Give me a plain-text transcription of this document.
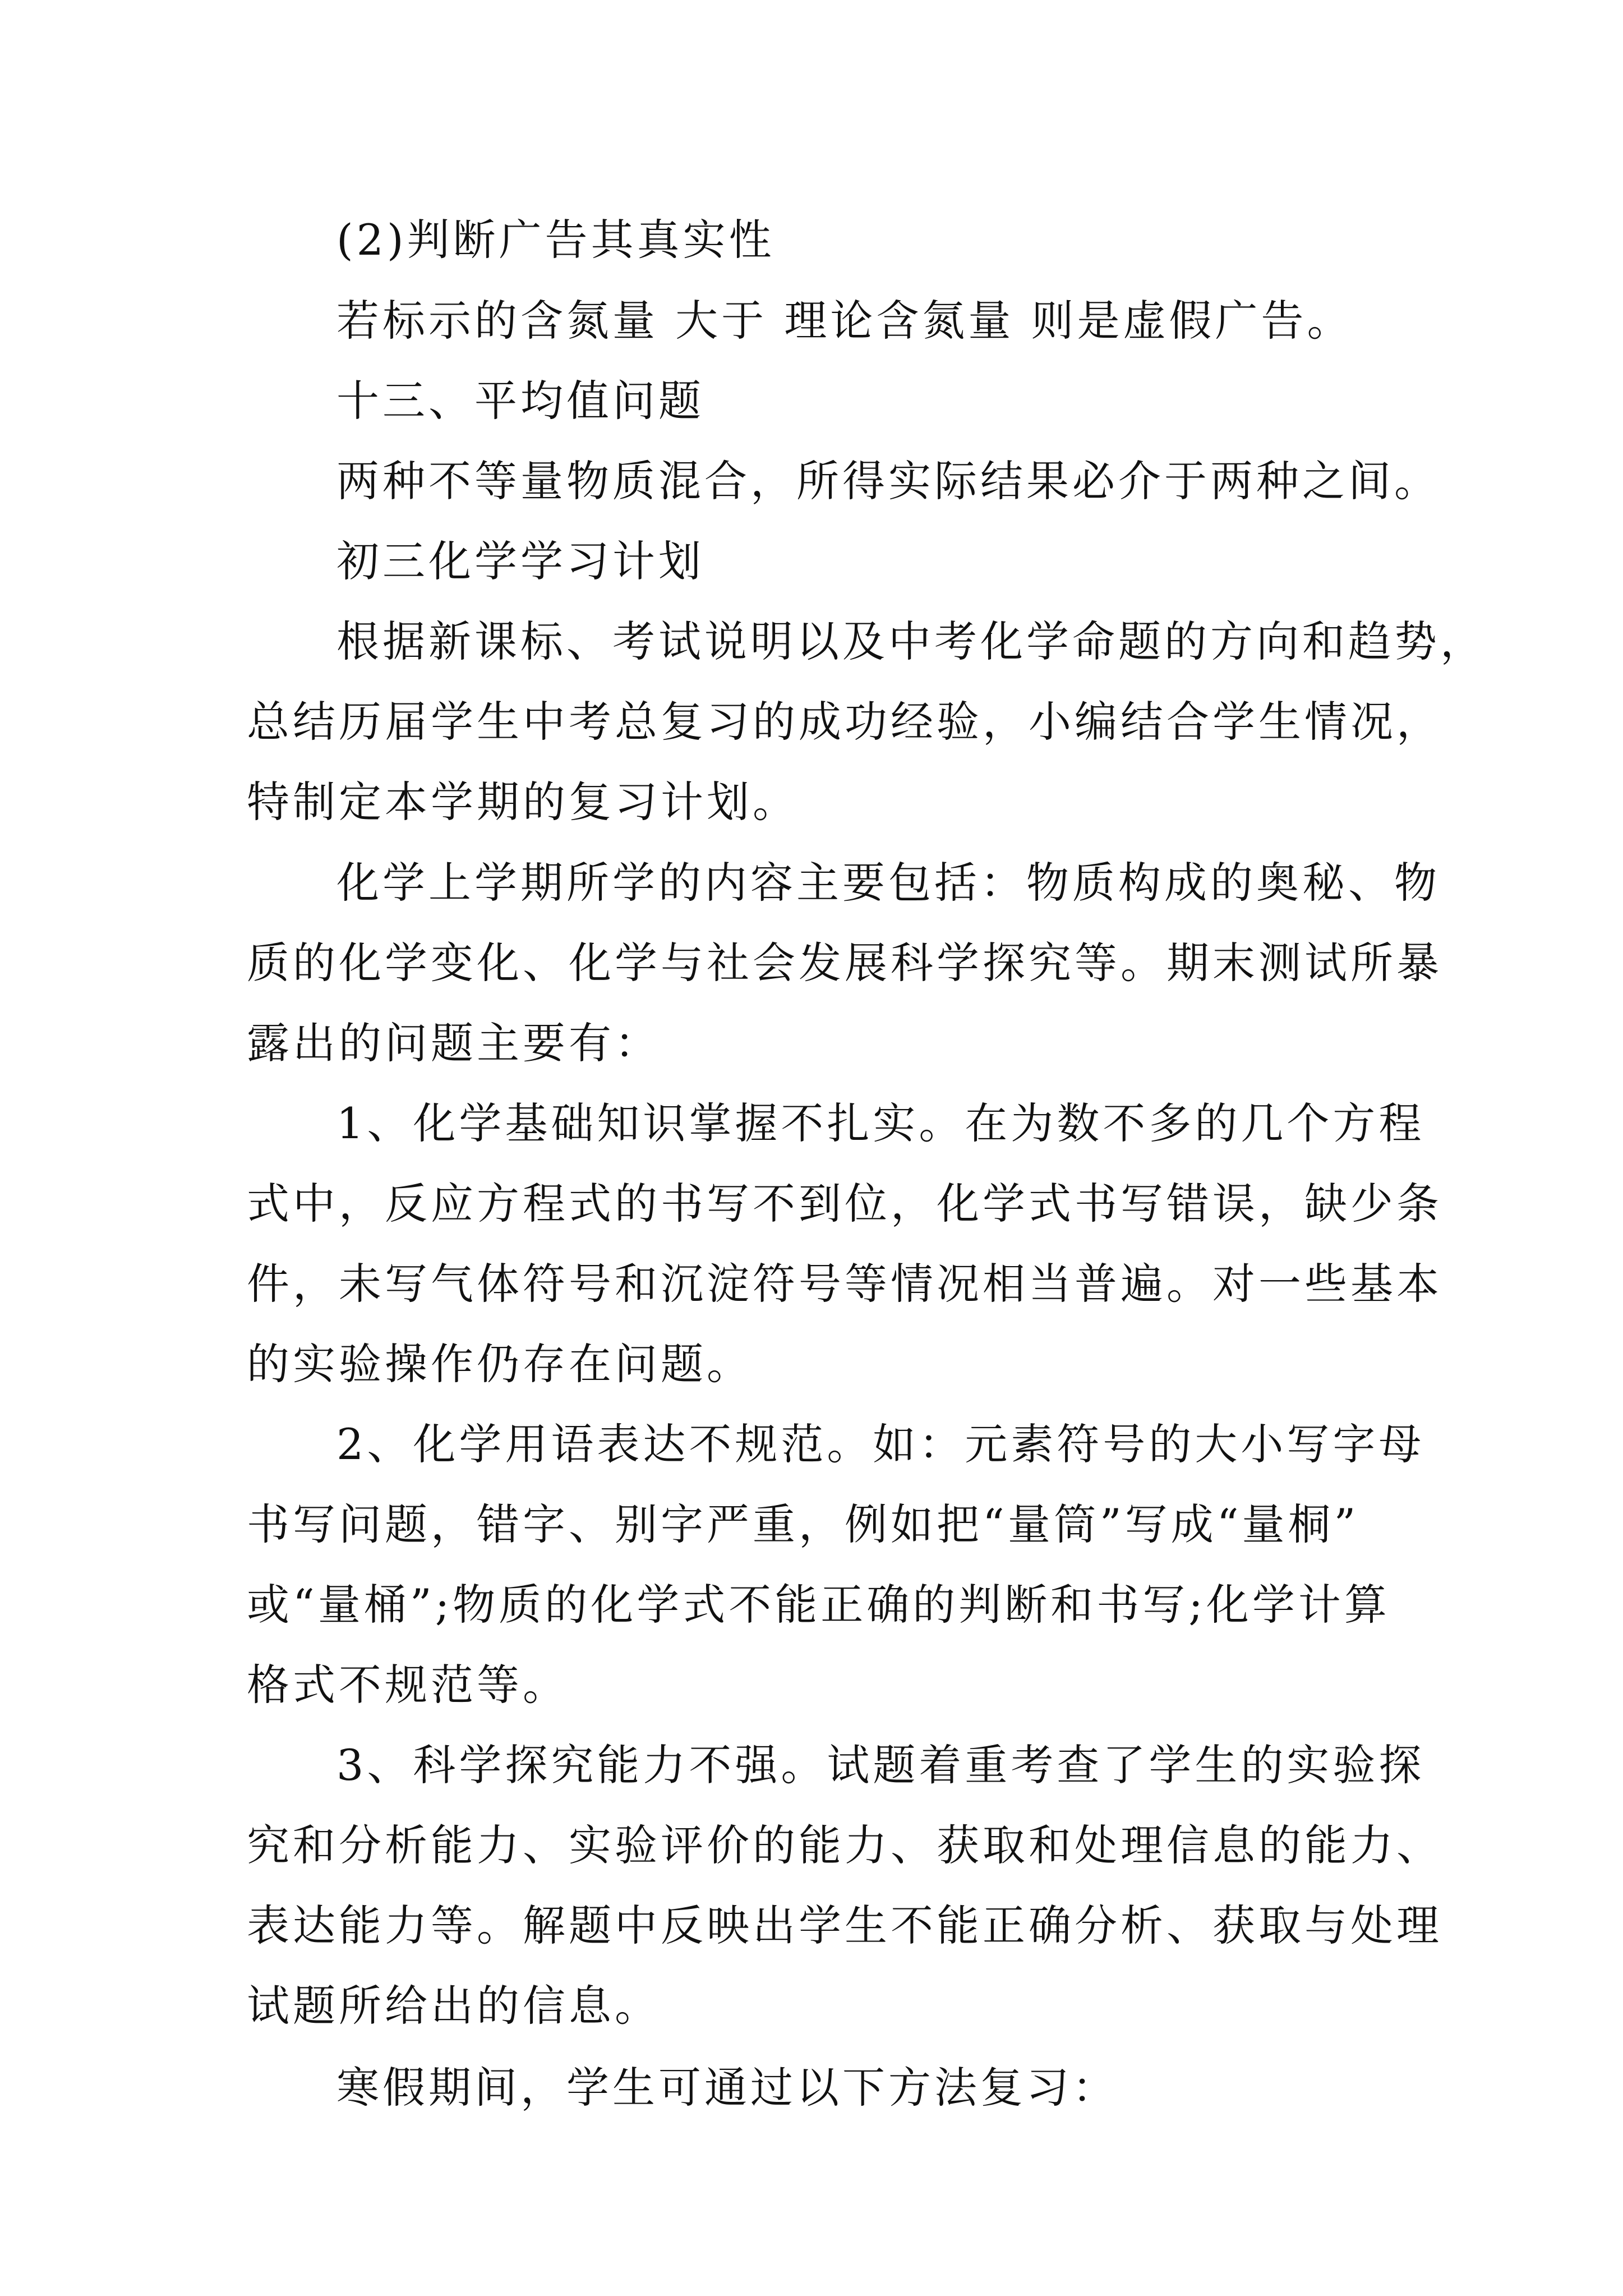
(2)判断广告其真实性
若标示的含氮量 大于 理论含氮量 则是虚假广告。
十三、平均值问题
两种不等量物质混合，所得实际结果必介于两种之间。
初三化学学习计划
根据新课标、考试说明以及中考化学命题的方向和趋势，
总结历届学生中考总复习的成功经验，小编结合学生情况，
特制定本学期的复习计划。
化学上学期所学的内容主要包括：物质构成的奥秘、物
质的化学变化、化学与社会发展科学探究等。期末测试所暴
露出的问题主要有：
1、化学基础知识掌握不扎实。在为数不多的几个方程
式中，反应方程式的书写不到位，化学式书写错误，缺少条
件，未写气体符号和沉淀符号等情况相当普遍。对一些基本
的实验操作仍存在问题。
2、化学用语表达不规范。如：元素符号的大小写字母
书写问题，错字、别字严重，例如把“量筒”写成“量桐”
或“量桶”;物质的化学式不能正确的判断和书写;化学计算
格式不规范等。
3、科学探究能力不强。试题着重考查了学生的实验探
究和分析能力、实验评价的能力、获取和处理信息的能力、
表达能力等。解题中反映出学生不能正确分析、获取与处理
试题所给出的信息。
寒假期间，学生可通过以下方法复习：
